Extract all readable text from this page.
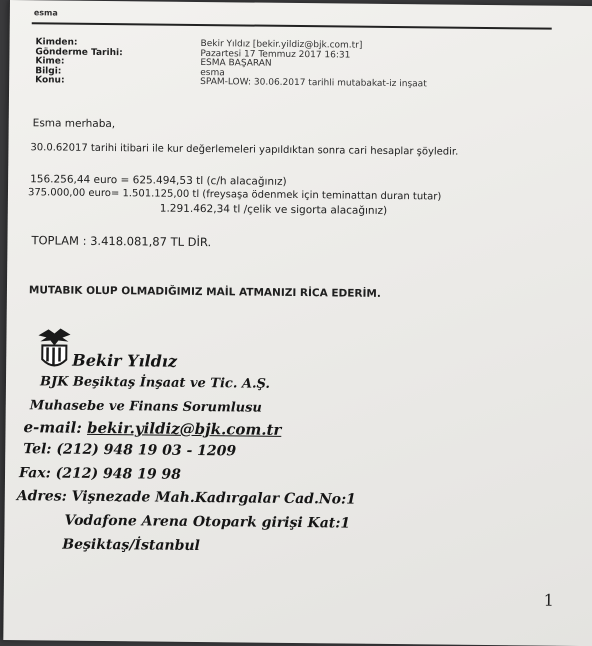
esma
Kimden:	Bekir Yıldız [bekir.yildiz@bjk.com.tr]
Gönderme Tarihi:	Pazartesi 17 Temmuz 2017 16:31
Kime:	ESMA BAŞARAN
Bilgi:	esma
Konu:	SPAM-LOW: 30.06.2017 tarihli mutabakat-iz inşaat
Esma merhaba,
30.0.62017 tarihi itibari ile kur değerlemeleri yapıldıktan sonra cari hesaplar şöyledir.
156.256,44 euro = 625.494,53 tl (c/h alacağınız)
375.000,00 euro= 1.501.125,00 tl (freysaşa ödenmek için teminattan duran tutar)
1.291.462,34 tl /çelik ve sigorta alacağınız)
TOPLAM : 3.418.081,87 TL DİR.
MUTABIK OLUP OLMADIĞIMIZ MAİL ATMANIZI RİCA EDERİM.
Bekir Yıldız
BJK Beşiktaş İnşaat ve Tic. A.Ş.
Muhasebe ve Finans Sorumlusu
e-mail: bekir.yildiz@bjk.com.tr
Tel: (212) 948 19 03 - 1209
Fax: (212) 948 19 98
Adres: Vişnezade Mah.Kadırgalar Cad.No:1
Vodafone Arena Otopark girişi Kat:1
Beşiktaş/İstanbul
1
